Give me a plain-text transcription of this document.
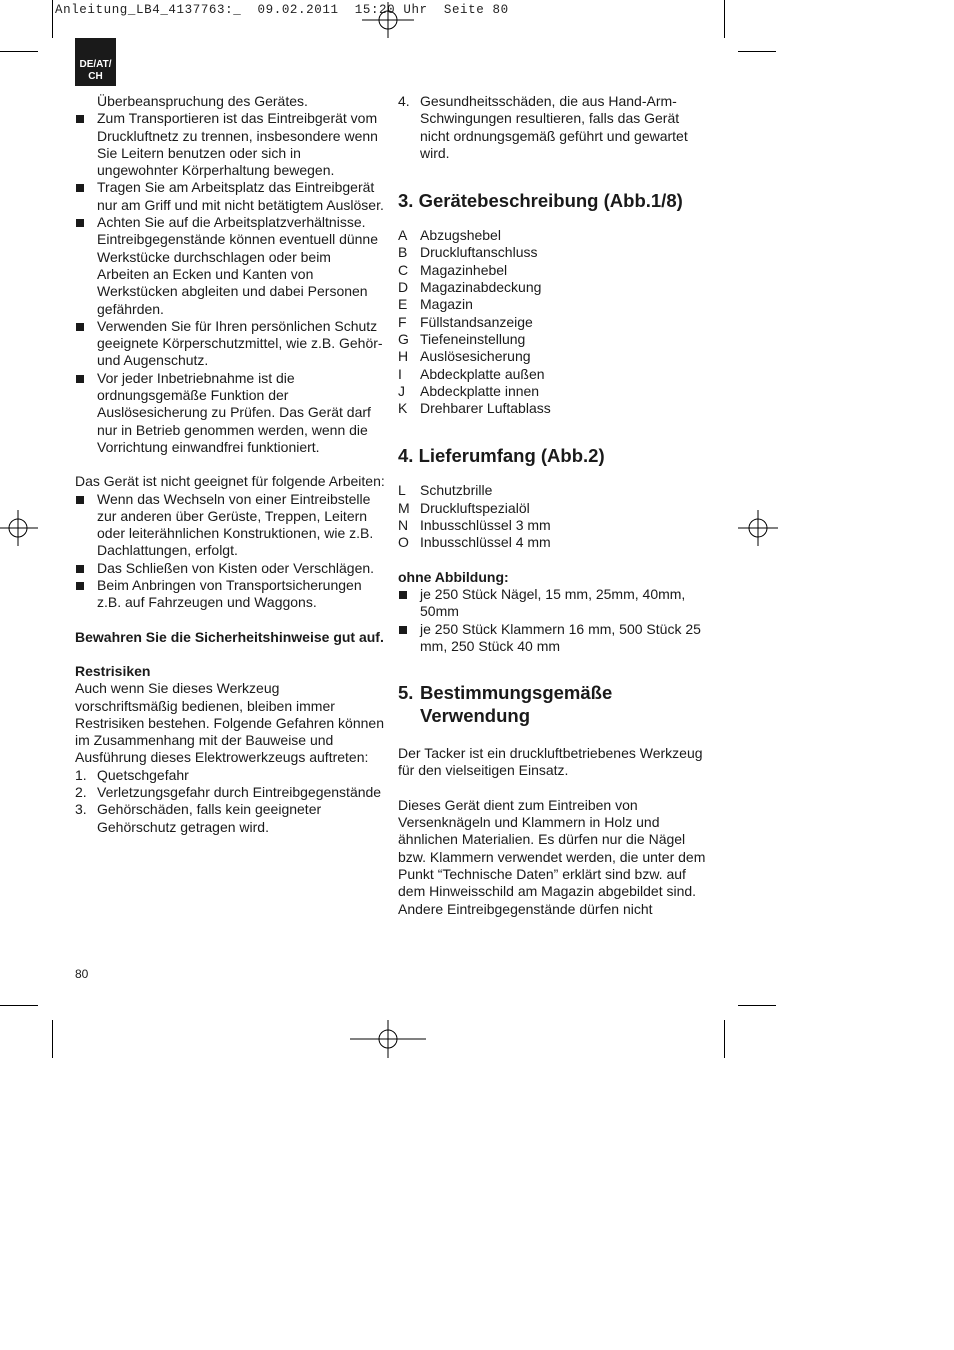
Anleitung_LB4_4137763:_  09.02.2011  15:20 Uhr  Seite 80
DE/AT/
CH

Überbeanspruchung des Gerätes.

Zum Transportieren ist das Eintreibgerät vom Druckluftnetz zu trennen, insbesondere wenn Sie Leitern benutzen oder sich in ungewohnter Körperhaltung bewegen.
Tragen Sie am Arbeitsplatz das Eintreibgerät nur am Griff und mit nicht betätigtem Auslöser.
Achten Sie auf die Arbeitsplatzverhältnisse. Eintreibgegenstände können eventuell dünne Werkstücke durchschlagen oder beim Arbeiten an Ecken und Kanten von Werkstücken abgleiten und dabei Personen gefährden.
Verwenden Sie für Ihren persönlichen Schutz geeignete Körperschutzmittel, wie z.B. Gehör- und Augenschutz.
Vor jeder Inbetriebnahme ist die ordnungsgemäße Funktion der Auslösesicherung zu Prüfen. Das Gerät darf nur in Betrieb genommen werden, wenn die Vorrichtung einwandfrei funktioniert.

Das Gerät ist nicht geeignet für folgende Arbeiten:

Wenn das Wechseln von einer Eintreibstelle zur anderen über Gerüste, Treppen, Leitern oder leiterähnlichen Konstruktionen, wie z.B. Dachlattungen, erfolgt.
Das Schließen von Kisten oder Verschlägen.
Beim Anbringen von Transportsicherungen z.B. auf Fahrzeugen und Waggons.

Bewahren Sie die Sicherheitshinweise gut auf.

Restrisiken

Auch wenn Sie dieses Werkzeug vorschriftsmäßig bedienen, bleiben immer Restrisiken bestehen. Folgende Gefahren können im Zusammenhang mit der Bauweise und Ausführung dieses Elektrowerkzeugs auftreten:

1. Quetschgefahr
2. Verletzungsgefahr durch Eintreibgegenstände
3. Gehörschäden, falls kein geeigneter Gehörschutz getragen wird.
4. Gesundheitsschäden, die aus Hand-Arm-Schwingungen resultieren, falls das Gerät nicht ordnungsgemäß geführt und gewartet wird.

3. Gerätebeschreibung (Abb.1/8)

A Abzugshebel
B Druckluftanschluss
C Magazinhebel
D Magazinabdeckung
E Magazin
F Füllstandsanzeige
G Tiefeneinstellung
H Auslösesicherung
I	Abdeckplatte außen
J	Abdeckplatte innen
K Drehbarer Luftablass

4. Lieferumfang (Abb.2)

L	Schutzbrille
M Druckluftspezialöl
N Inbusschlüssel 3 mm
O Inbusschlüssel 4 mm

ohne Abbildung:

je 250 Stück Nägel, 15 mm, 25mm, 40mm, 50mm
je 250 Stück Klammern 16 mm, 500 Stück 25 mm, 250 Stück 40 mm
5. Bestimmungsgemäße
Verwendung

Der Tacker ist ein druckluftbetriebenes Werkzeug für den vielseitigen Einsatz.

Dieses Gerät dient zum Eintreiben von Versenknägeln und Klammern in Holz und ähnlichen Materialien. Es dürfen nur die Nägel bzw. Klammern verwendet werden, die unter dem Punkt “Technische Daten” erklärt sind bzw. auf dem Hinweisschild am Magazin abgebildet sind. Andere Eintreibgegenstände dürfen nicht

80
